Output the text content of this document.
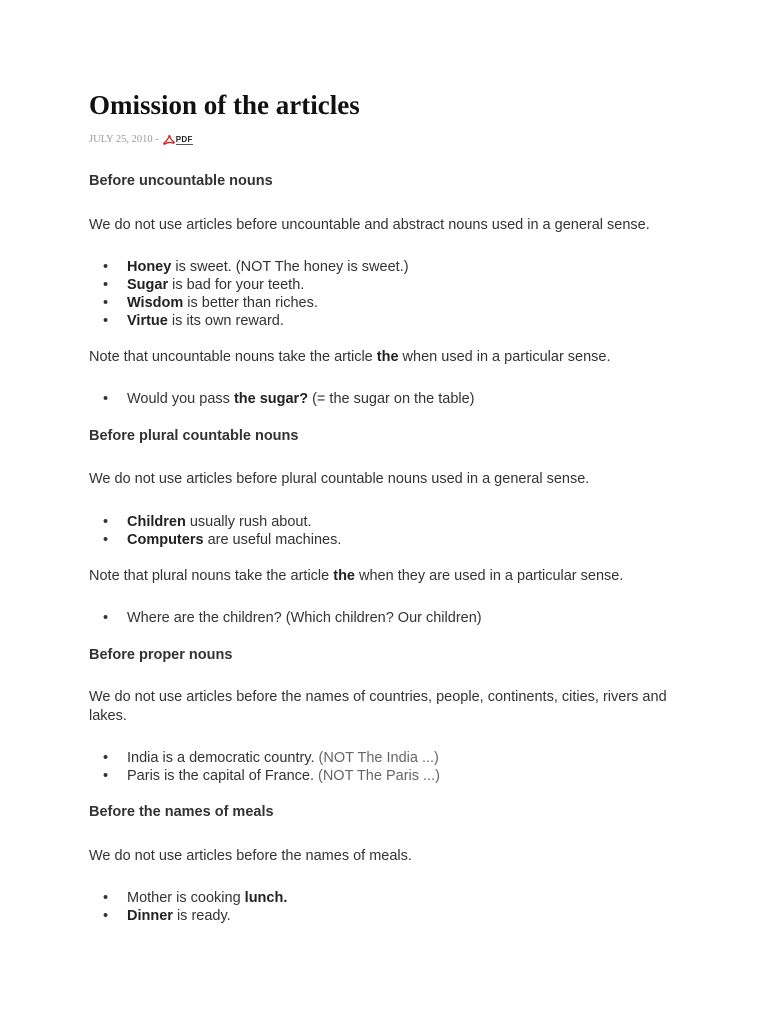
Omission of the articles
JULY 25, 2010 - PDF
Before uncountable nouns
We do not use articles before uncountable and abstract nouns used in a general sense.
• Honey is sweet. (NOT The honey is sweet.)
• Sugar is bad for your teeth.
• Wisdom is better than riches.
• Virtue is its own reward.
Note that uncountable nouns take the article the when used in a particular sense.
• Would you pass the sugar? (= the sugar on the table)
Before plural countable nouns
We do not use articles before plural countable nouns used in a general sense.
• Children usually rush about.
• Computers are useful machines.
Note that plural nouns take the article the when they are used in a particular sense.
• Where are the children? (Which children? Our children)
Before proper nouns
We do not use articles before the names of countries, people, continents, cities, rivers and lakes.
• India is a democratic country. (NOT The India ...)
• Paris is the capital of France. (NOT The Paris ...)
Before the names of meals
We do not use articles before the names of meals.
• Mother is cooking lunch.
• Dinner is ready.
